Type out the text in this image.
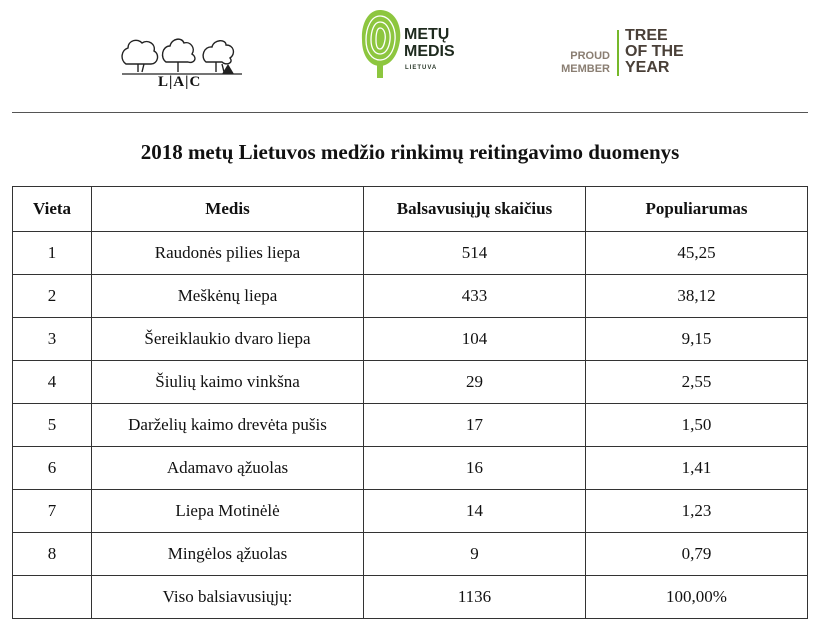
L|A|C
METŲ
MEDIS
LIETUVA
PROUD
MEMBER
TREE
OF THE
YEAR
2018 metų Lietuvos medžio rinkimų reitingavimo duomenys
Vieta	Medis	Balsavusiųjų skaičius	Populiarumas
1	Raudonės pilies liepa	514	45,25
2	Meškėnų liepa	433	38,12
3	Šereiklaukio dvaro liepa	104	9,15
4	Šiulių kaimo vinkšna	29	2,55
5	Darželių kaimo drevėta pušis	17	1,50
6	Adamavo ąžuolas	16	1,41
7	Liepa Motinėlė	14	1,23
8	Mingėlos ąžuolas	9	0,79
	Viso balsiavusiųjų:	1136	100,00%
